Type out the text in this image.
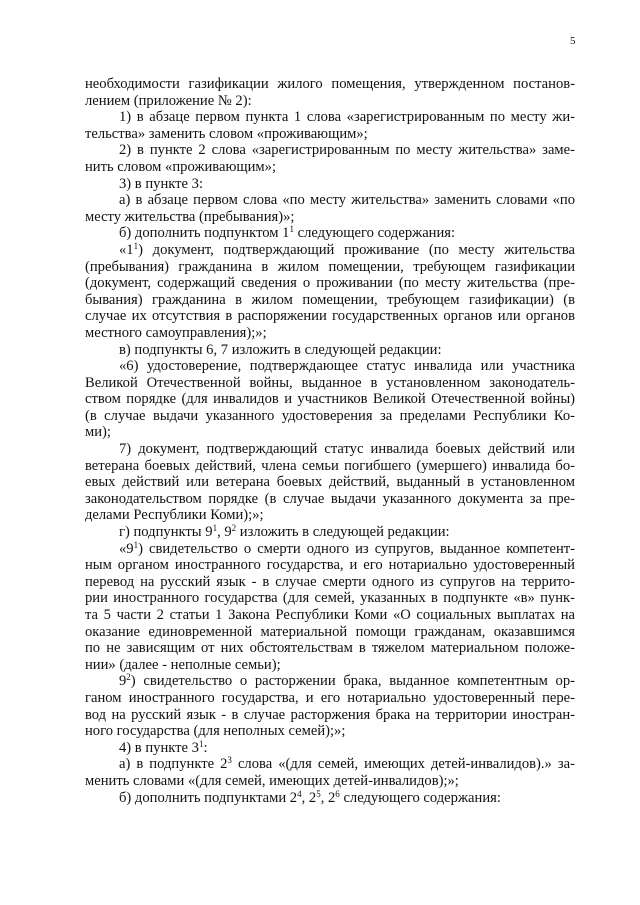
5
необходимости газификации жилого помещения, утвержденном постанов-
лением (приложение № 2):
1) в абзаце первом пункта 1 слова «зарегистрированным по месту жи-
тельства» заменить словом «проживающим»;
2) в пункте 2 слова «зарегистрированным по месту жительства» заме-
нить словом «проживающим»;
3) в пункте 3:
а) в абзаце первом слова «по месту жительства» заменить словами «по
месту жительства (пребывания)»;
б) дополнить подпунктом $1^1$ следующего содержания:
«$1^1$) документ, подтверждающий проживание (по месту жительства
(пребывания) гражданина в жилом помещении, требующем газификации
(документ, содержащий сведения о проживании (по месту жительства (пре-
бывания) гражданина в жилом помещении, требующем газификации) (в
случае их отсутствия в распоряжении государственных органов или органов
местного самоуправления);»;
в) подпункты 6, 7 изложить в следующей редакции:
«6) удостоверение, подтверждающее статус инвалида или участника
Великой Отечественной войны, выданное в установленном законодатель-
ством порядке (для инвалидов и участников Великой Отечественной войны)
(в случае выдачи указанного удостоверения за пределами Республики Ко-
ми);
7) документ, подтверждающий статус инвалида боевых действий или
ветерана боевых действий, члена семьи погибшего (умершего) инвалида бо-
евых действий или ветерана боевых действий, выданный в установленном
законодательством порядке (в случае выдачи указанного документа за пре-
делами Республики Коми);»;
г) подпункты $9^1$, $9^2$ изложить в следующей редакции:
«$9^1$) свидетельство о смерти одного из супругов, выданное компетент-
ным органом иностранного государства, и его нотариально удостоверенный
перевод на русский язык - в случае смерти одного из супругов на террито-
рии иностранного государства (для семей, указанных в подпункте «в» пунк-
та 5 части 2 статьи 1 Закона Республики Коми «О социальных выплатах на
оказание единовременной материальной помощи гражданам, оказавшимся
по не зависящим от них обстоятельствам в тяжелом материальном положе-
нии» (далее - неполные семьи);
$9^2$) свидетельство о расторжении брака, выданное компетентным ор-
ганом иностранного государства, и его нотариально удостоверенный пере-
вод на русский язык - в случае расторжения брака на территории иностран-
ного государства (для неполных семей);»;
4) в пункте $3^1$:
а) в подпункте $2^3$ слова «(для семей, имеющих детей-инвалидов).» за-
менить словами «(для семей, имеющих детей-инвалидов);»;
б) дополнить подпунктами $2^4$, $2^5$, $2^6$ следующего содержания:
